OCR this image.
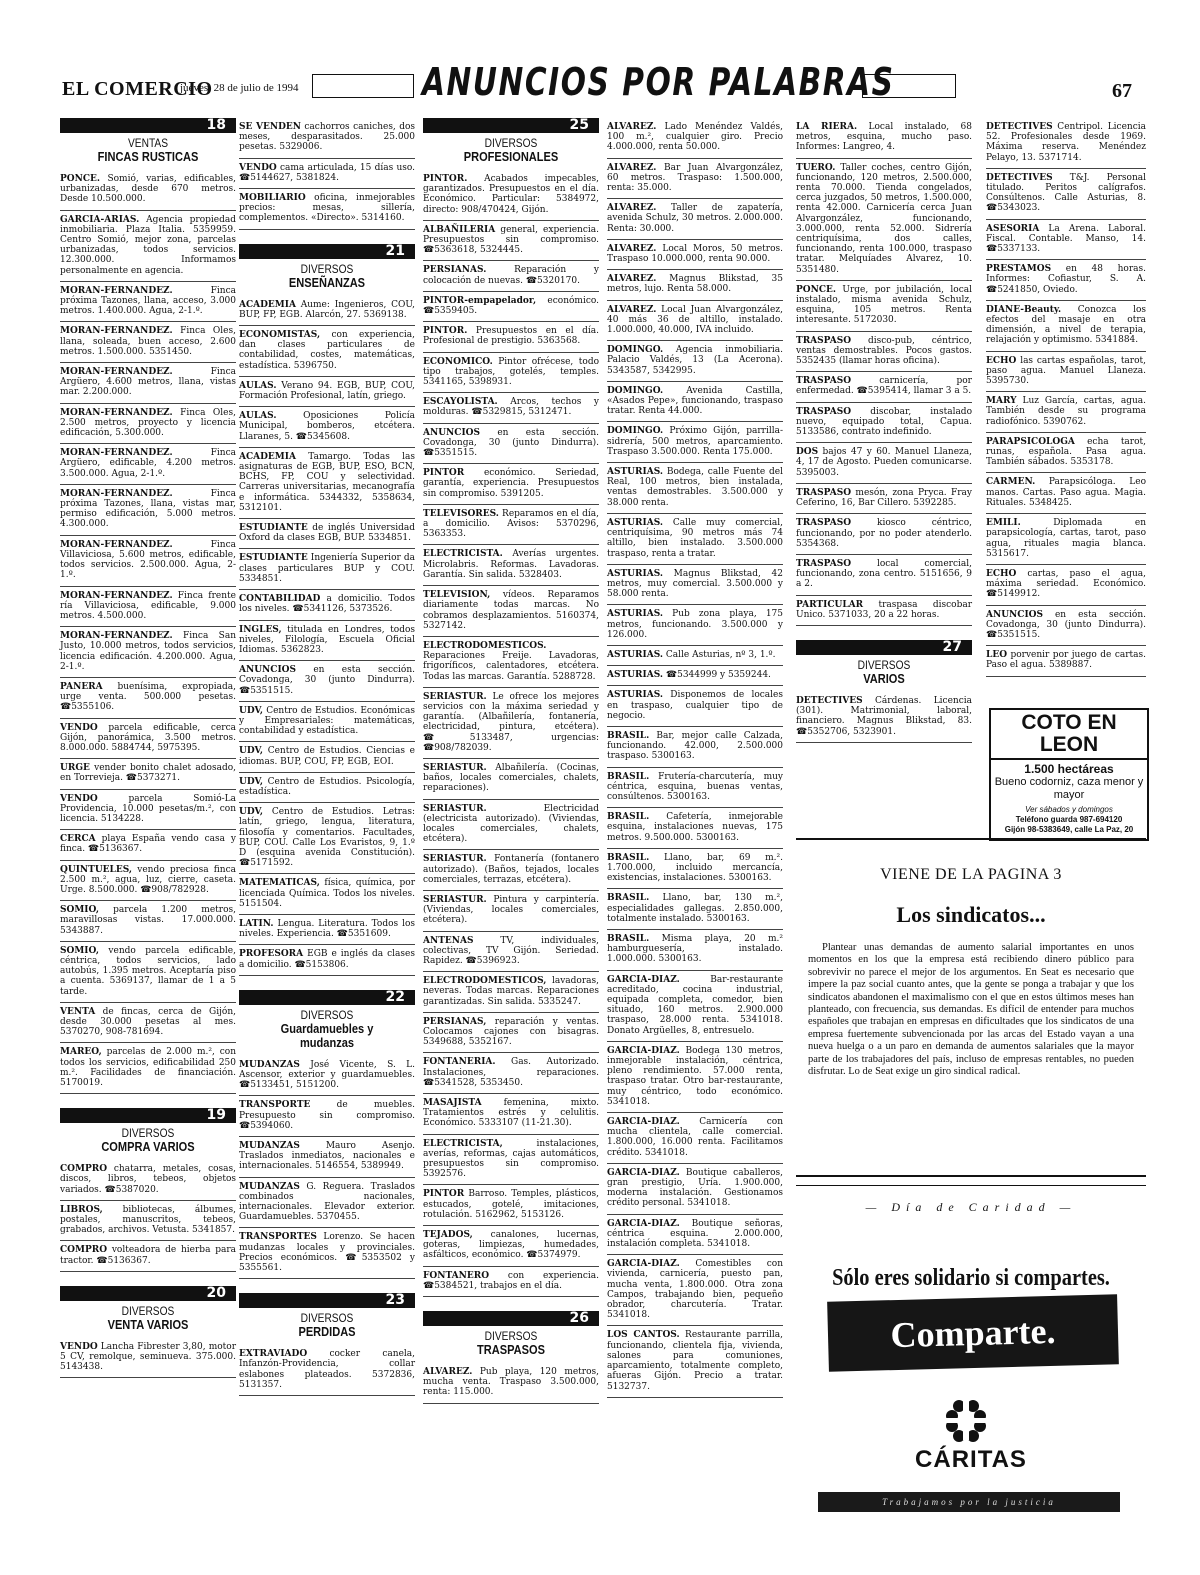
EL COMERCIO
jueves, 28 de julio de 1994	ANUNCIOS POR PALABRAS	67
18
VENTAS
FINCAS RUSTICAS
PONCE. Somió, varias, edificables, urbanizadas, desde 670 metros. Desde 10.500.000.
GARCIA-ARIAS. Agencia propiedad inmobiliaria. Plaza Italia. 5359959. Centro Somió, mejor zona, parcelas urbanizadas, todos servicios. 12.300.000. Informamos personalmente en agencia.
MORAN-FERNANDEZ. Finca próxima Tazones, llana, acceso, 3.000 metros. 1.400.000. Agua, 2-1.º.
MORAN-FERNANDEZ. Finca Oles, llana, soleada, buen acceso, 2.600 metros. 1.500.000. 5351450.
MORAN-FERNANDEZ. Finca Argüero, 4.600 metros, llana, vistas mar. 2.200.000.
MORAN-FERNANDEZ. Finca Oles, 2.500 metros, proyecto y licencia edificación, 5.300.000.
MORAN-FERNANDEZ. Finca Argüero, edificable, 4.200 metros. 3.500.000. Agua, 2-1.º.
MORAN-FERNANDEZ. Finca próxima Tazones, llana, vistas mar, permiso edificación, 5.000 metros. 4.300.000.
MORAN-FERNANDEZ. Finca Villaviciosa, 5.600 metros, edificable, todos servicios. 2.500.000. Agua, 2-1.º.
MORAN-FERNANDEZ. Finca frente ría Villaviciosa, edificable, 9.000 metros. 4.500.000.
MORAN-FERNANDEZ. Finca San Justo, 10.000 metros, todos servicios, licencia edificación. 4.200.000. Agua, 2-1.º.
PANERA buenísima, expropiada, urge venta. 500.000 pesetas. ☎5355106.
VENDO parcela edificable, cerca Gijón, panorámica, 3.500 metros. 8.000.000. 5884744, 5975395.
URGE vender bonito chalet adosado, en Torrevieja. ☎5373271.
VENDO parcela Somió-La Providencia, 10.000 pesetas/m.², con licencia. 5134228.
CERCA playa España vendo casa y finca. ☎5136367.
QUINTUELES, vendo preciosa finca 2.500 m.², agua, luz, cierre, caseta. Urge. 8.500.000. ☎908/782928.
SOMIO, parcela 1.200 metros, maravillosas vistas. 17.000.000. 5343887.
SOMIO, vendo parcela edificable, céntrica, todos servicios, lado autobús, 1.395 metros. Aceptaría piso a cuenta. 5369137, llamar de 1 a 5 tarde.
VENTA de fincas, cerca de Gijón, desde 30.000 pesetas al mes. 5370270, 908-781694.
MAREO, parcelas de 2.000 m.², con todos los servicios, edificabilidad 250 m.². Facilidades de financiación. 5170019.
19
DIVERSOS
COMPRA VARIOS
COMPRO chatarra, metales, cosas, discos, libros, tebeos, objetos variados. ☎5387020.
LIBROS, bibliotecas, álbumes, postales, manuscritos, tebeos, grabados, archivos. Vetusta. 5341857.
COMPRO volteadora de hierba para tractor. ☎5136367.
20
DIVERSOS
VENTA VARIOS
VENDO Lancha Fibrester 3,80, motor 5 CV, remolque, seminueva. 375.000. 5143438.
SE VENDEN cachorros caniches, dos meses, desparasitados. 25.000 pesetas. 5329006.
VENDO cama articulada, 15 días uso. ☎5144627, 5381824.
MOBILIARIO oficina, inmejorables precios: mesas, sillería, complementos. «Directo». 5314160.
21
DIVERSOS
ENSEÑANZAS
ACADEMIA Aume: Ingenieros, COU, BUP, FP, EGB. Alarcón, 27. 5369138.
ECONOMISTAS, con experiencia, dan clases particulares de contabilidad, costes, matemáticas, estadística. 5396750.
AULAS. Verano 94. EGB, BUP, COU, Formación Profesional, latín, griego.
AULAS. Oposiciones Policía Municipal, bomberos, etcétera. Llaranes, 5. ☎5345608.
ACADEMIA Tamargo. Todas las asignaturas de EGB, BUP, ESO, BCN, BCHS, FP, COU y selectividad. Carreras universitarias, mecanografía e informática. 5344332, 5358634, 5312101.
ESTUDIANTE de inglés Universidad Oxford da clases EGB, BUP. 5334851.
ESTUDIANTE Ingeniería Superior da clases particulares BUP y COU. 5334851.
CONTABILIDAD a domicilio. Todos los niveles. ☎5341126, 5373526.
INGLES, titulada en Londres, todos niveles, Filología, Escuela Oficial Idiomas. 5362823.
ANUNCIOS en esta sección. Covadonga, 30 (junto Dindurra). ☎5351515.
UDV, Centro de Estudios. Económicas y Empresariales: matemáticas, contabilidad y estadística.
UDV, Centro de Estudios. Ciencias e idiomas. BUP, COU, FP, EGB, EOI.
UDV, Centro de Estudios. Psicología, estadística.
UDV, Centro de Estudios. Letras: latín, griego, lengua, literatura, filosofía y comentarios. Facultades, BUP, COU. Calle Los Evaristos, 9, 1.º D (esquina avenida Constitución). ☎5171592.
MATEMATICAS, física, química, por licenciada Química. Todos los niveles. 5151504.
LATIN. Lengua. Literatura. Todos los niveles. Experiencia. ☎5351609.
PROFESORA EGB e inglés da clases a domicilio. ☎5153806.
22
DIVERSOS
Guardamuebles y mudanzas
MUDANZAS José Vicente, S. L. Ascensor, exterior y guardamuebles. ☎5133451, 5151200.
TRANSPORTE de muebles. Presupuesto sin compromiso. ☎5394060.
MUDANZAS Mauro Asenjo. Traslados inmediatos, nacionales e internacionales. 5146554, 5389949.
MUDANZAS G. Reguera. Traslados combinados nacionales, internacionales. Elevador exterior. Guardamuebles. 5370455.
TRANSPORTES Lorenzo. Se hacen mudanzas locales y provinciales. Precios económicos. ☎5353502 y 5355561.
23
DIVERSOS
PERDIDAS
EXTRAVIADO cocker canela, Infanzón-Providencia, collar eslabones plateados. 5372836, 5131357.
25
DIVERSOS
PROFESIONALES
PINTOR. Acabados impecables, garantizados. Presupuestos en el día. Económico. Particular: 5384972, directo: 908/470424, Gijón.
ALBAÑILERIA general, experiencia. Presupuestos sin compromiso. ☎5363618, 5324445.
PERSIANAS. Reparación y colocación de nuevas. ☎5320170.
PINTOR-empapelador, económico. ☎5359405.
PINTOR. Presupuestos en el día. Profesional de prestigio. 5363568.
ECONOMICO. Pintor ofrécese, todo tipo trabajos, gotelés, temples. 5341165, 5398931.
ESCAYOLISTA. Arcos, techos y molduras. ☎5329815, 5312471.
ANUNCIOS en esta sección. Covadonga, 30 (junto Dindurra). ☎5351515.
PINTOR económico. Seriedad, garantía, experiencia. Presupuestos sin compromiso. 5391205.
TELEVISORES. Reparamos en el día, a domicilio. Avisos: 5370296, 5363353.
ELECTRICISTA. Averías urgentes. Microlabris. Reformas. Lavadoras. Garantía. Sin salida. 5328403.
TELEVISION, vídeos. Reparamos diariamente todas marcas. No cobramos desplazamientos. 5160374, 5327142.
ELECTRODOMESTICOS. Reparaciones Freije. Lavadoras, frigoríficos, calentadores, etcétera. Todas las marcas. Garantía. 5288728.
SERIASTUR. Le ofrece los mejores servicios con la máxima seriedad y garantía. (Albañilería, fontanería, electricidad, pintura, etcétera). ☎5133487, urgencias: ☎908/782039.
SERIASTUR. Albañilería. (Cocinas, baños, locales comerciales, chalets, reparaciones).
SERIASTUR. Electricidad (electricista autorizado). (Viviendas, locales comerciales, chalets, etcétera).
SERIASTUR. Fontanería (fontanero autorizado). (Baños, tejados, locales comerciales, terrazas, etcétera).
SERIASTUR. Pintura y carpintería. (Viviendas, locales comerciales, etcétera).
ANTENAS TV, individuales, colectivas, TV Gijón. Seriedad. Rapidez. ☎5396923.
ELECTRODOMESTICOS, lavadoras, neveras. Todas marcas. Reparaciones garantizadas. Sin salida. 5335247.
PERSIANAS, reparación y ventas. Colocamos cajones con bisagras. 5349688, 5352167.
FONTANERIA. Gas. Autorizado. Instalaciones, reparaciones. ☎5341528, 5353450.
MASAJISTA femenina, mixto. Tratamientos estrés y celulitis. Económico. 5333107 (11-21.30).
ELECTRICISTA, instalaciones, averías, reformas, cajas automáticos, presupuestos sin compromiso. 5392576.
PINTOR Barroso. Temples, plásticos, estucados, gotelé, imitaciones, rotulación. 5162962, 5153126.
TEJADOS, canalones, lucernas, goteras, limpiezas, humedades, asfálticos, económico. ☎5374979.
FONTANERO con experiencia. ☎5384521, trabajos en el día.
26
DIVERSOS
TRASPASOS
ALVAREZ. Pub playa, 120 metros, mucha venta. Traspaso 3.500.000, renta: 115.000.
ALVAREZ. Lado Menéndez Valdés, 100 m.², cualquier giro. Precio 4.000.000, renta 50.000.
ALVAREZ. Bar Juan Alvargonzález, 60 metros. Traspaso: 1.500.000, renta: 35.000.
ALVAREZ. Taller de zapatería, avenida Schulz, 30 metros. 2.000.000. Renta: 30.000.
ALVAREZ. Local Moros, 50 metros. Traspaso 10.000.000, renta 90.000.
ALVAREZ. Magnus Blikstad, 35 metros, lujo. Renta 58.000.
ALVAREZ. Local Juan Alvargonzález, 40 más 36 de altillo, instalado. 1.000.000, 40.000, IVA incluido.
DOMINGO. Agencia inmobiliaria. Palacio Valdés, 13 (La Acerona). 5343587, 5342995.
DOMINGO. Avenida Castilla, «Asados Pepe», funcionando, traspaso tratar. Renta 44.000.
DOMINGO. Próximo Gijón, parrilla-sidrería, 500 metros, aparcamiento. Traspaso 3.500.000. Renta 175.000.
ASTURIAS. Bodega, calle Fuente del Real, 100 metros, bien instalada, ventas demostrables. 3.500.000 y 38.000 renta.
ASTURIAS. Calle muy comercial, centriquísima, 90 metros más 74 altillo, bien instalado. 3.500.000 traspaso, renta a tratar.
ASTURIAS. Magnus Blikstad, 42 metros, muy comercial. 3.500.000 y 58.000 renta.
ASTURIAS. Pub zona playa, 175 metros, funcionando. 3.500.000 y 126.000.
ASTURIAS. Calle Asturias, nº 3, 1.º.
ASTURIAS. ☎5344999 y 5359244.
ASTURIAS. Disponemos de locales en traspaso, cualquier tipo de negocio.
BRASIL. Bar, mejor calle Calzada, funcionando. 42.000, 2.500.000 traspaso. 5300163.
BRASIL. Frutería-charcutería, muy céntrica, esquina, buenas ventas, consúltenos. 5300163.
BRASIL. Cafetería, inmejorable esquina, instalaciones nuevas, 175 metros. 9.500.000. 5300163.
BRASIL. Llano, bar, 69 m.². 1.700.000, incluido mercancía, existencias, instalaciones. 5300163.
BRASIL. Llano, bar, 130 m.², especialidades gallegas. 2.850.000, totalmente instalado. 5300163.
BRASIL. Misma playa, 20 m.² hamburguesería, instalado. 1.000.000. 5300163.
GARCIA-DIAZ. Bar-restaurante acreditado, cocina industrial, equipada completa, comedor, bien situado, 160 metros. 2.900.000 traspaso, 28.000 renta. 5341018. Donato Argüelles, 8, entresuelo.
GARCIA-DIAZ. Bodega 130 metros, inmejorable instalación, céntrica, pleno rendimiento. 57.000 renta, traspaso tratar. Otro bar-restaurante, muy céntrico, todo económico. 5341018.
GARCIA-DIAZ. Carnicería con mucha clientela, calle comercial. 1.800.000, 16.000 renta. Facilitamos crédito. 5341018.
GARCIA-DIAZ. Boutique caballeros, gran prestigio, Uría. 1.900.000, moderna instalación. Gestionamos crédito personal. 5341018.
GARCIA-DIAZ. Boutique señoras, céntrica esquina. 2.000.000, instalación completa. 5341018.
GARCIA-DIAZ. Comestibles con vivienda, carnicería, puesto pan, mucha venta, 1.800.000. Otra zona Campos, trabajando bien, pequeño obrador, charcutería. Tratar. 5341018.
LOS CANTOS. Restaurante parrilla, funcionando, clientela fija, vivienda, salones para comuniones, aparcamiento, totalmente completo, afueras Gijón. Precio a tratar. 5132737.
LA RIERA. Local instalado, 68 metros, esquina, mucho paso. Informes: Langreo, 4.
TUERO. Taller coches, centro Gijón, funcionando, 120 metros, 2.500.000, renta 70.000. Tienda congelados, cerca juzgados, 50 metros, 1.500.000, renta 42.000. Carnicería cerca Juan Alvargonzález, funcionando, 3.000.000, renta 52.000. Sidrería centriquísima, dos calles, funcionando, renta 100.000, traspaso tratar. Melquíades Alvarez, 10. 5351480.
PONCE. Urge, por jubilación, local instalado, misma avenida Schulz, esquina, 105 metros. Renta interesante. 5172030.
TRASPASO disco-pub, céntrico, ventas demostrables. Pocos gastos. 5352435 (llamar horas oficina).
TRASPASO carnicería, por enfermedad. ☎5395414, llamar 3 a 5.
TRASPASO discobar, instalado nuevo, equipado total, Capua. 5133586, contrato indefinido.
DOS bajos 47 y 60. Manuel Llaneza, 4, 17 de Agosto. Pueden comunicarse. 5395003.
TRASPASO mesón, zona Pryca. Fray Ceferino, 16, Bar Cillero. 5392285.
TRASPASO kiosco céntrico, funcionando, por no poder atenderlo. 5354368.
TRASPASO local comercial, funcionando, zona centro. 5151656, 9 a 2.
PARTICULAR traspasa discobar Unico. 5371033, 20 a 22 horas.
27
DIVERSOS
VARIOS
DETECTIVES Cárdenas. Licencia (301). Matrimonial, laboral, financiero. Magnus Blikstad, 83. ☎5352706, 5323901.
DETECTIVES Centripol. Licencia 52. Profesionales desde 1969. Máxima reserva. Menéndez Pelayo, 13. 5371714.
DETECTIVES T&J. Personal titulado. Peritos calígrafos. Consúltenos. Calle Asturias, 8. ☎5343023.
ASESORIA La Arena. Laboral. Fiscal. Contable. Manso, 14. ☎5337133.
PRESTAMOS en 48 horas. Informes: Cofiastur, S. A. ☎5241850, Oviedo.
DIANE-Beauty. Conozca los efectos del masaje en otra dimensión, a nivel de terapia, relajación y optimismo. 5341884.
ECHO las cartas españolas, tarot, paso agua. Manuel Llaneza. 5395730.
MARY Luz García, cartas, agua. También desde su programa radiofónico. 5390762.
PARAPSICOLOGA echa tarot, runas, española. Pasa agua. También sábados. 5353178.
CARMEN. Parapsicóloga. Leo manos. Cartas. Paso agua. Magia. Rituales. 5348425.
EMILI. Diplomada en parapsicología, cartas, tarot, paso agua, rituales magia blanca. 5315617.
ECHO cartas, paso el agua, máxima seriedad. Económico. ☎5149912.
ANUNCIOS en esta sección. Covadonga, 30 (junto Dindurra). ☎5351515.
LEO porvenir por juego de cartas. Paso el agua. 5389887.
COTO EN LEON
1.500 hectáreas
Bueno codorniz, caza menor y mayor
Ver sábados y domingos
Teléfono guarda 987-694120
Gijón 98-5383649, calle La Paz, 20
VIENE DE LA PAGINA 3
Los sindicatos...
Plantear unas demandas de aumento salarial importantes en unos momentos en los que la empresa está recibiendo dinero público para sobrevivir no parece el mejor de los argumentos. En Seat es necesario que impere la paz social cuanto antes, que la gente se ponga a trabajar y que los sindicatos abandonen el maximalismo con el que en estos últimos meses han planteado, con frecuencia, sus demandas. Es difícil de entender para muchos españoles que trabajan en empresas en dificultades que los sindicatos de una empresa fuertemente subvencionada por las arcas del Estado vayan a una nueva huelga o a un paro en demanda de aumentos salariales que la mayor parte de los trabajadores del país, incluso de empresas rentables, no pueden disfrutar. Lo de Seat exige un giro sindical radical.
— Día de Caridad —
Sólo eres solidario si compartes.
Comparte.
CÁRITAS
Trabajamos por la justicia
